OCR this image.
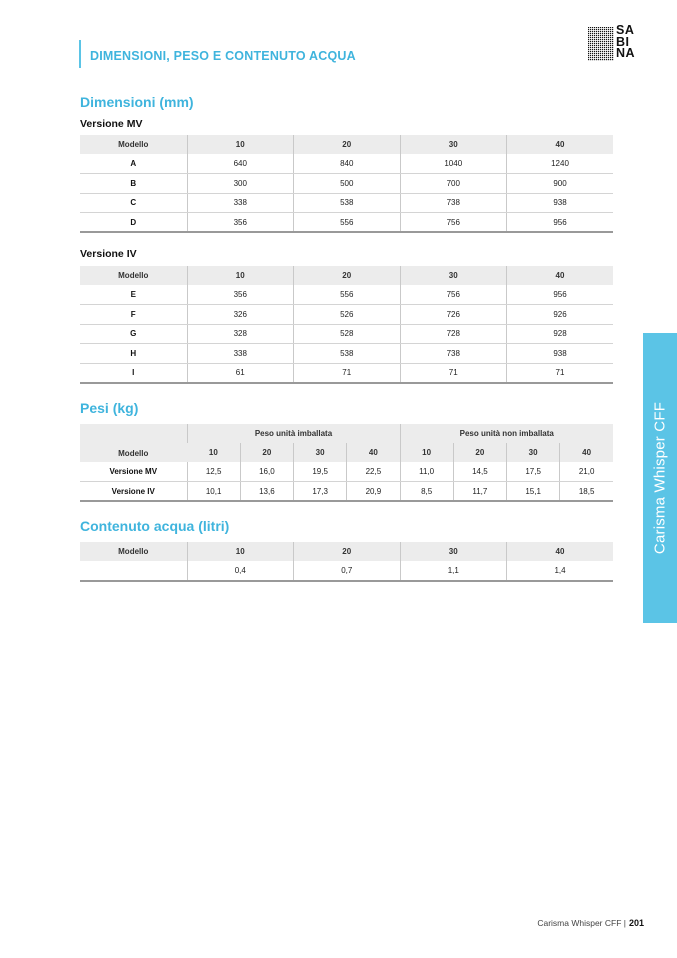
DIMENSIONI, PESO E CONTENUTO ACQUA
SA
BI
NA
Dimensioni (mm)
Versione MV
Modello	10	20	30	40
A	640	840	1040	1240
B	300	500	700	900
C	338	538	738	938
D	356	556	756	956
Versione IV
Modello	10	20	30	40
E	356	556	756	956
F	326	526	726	926
G	328	528	728	928
H	338	538	738	938
I	61	71	71	71
Pesi (kg)
Modello	Peso unità imballata				Peso unità non imballata			
	10	20	30	40	10	20	30	40
Versione MV	12,5	16,0	19,5	22,5	11,0	14,5	17,5	21,0
Versione IV	10,1	13,6	17,3	20,9	8,5	11,7	15,1	18,5
Contenuto acqua (litri)
Modello	10	20	30	40
	0,4	0,7	1,1	1,4
Carisma Whisper CFF
Carisma Whisper CFF | 201
